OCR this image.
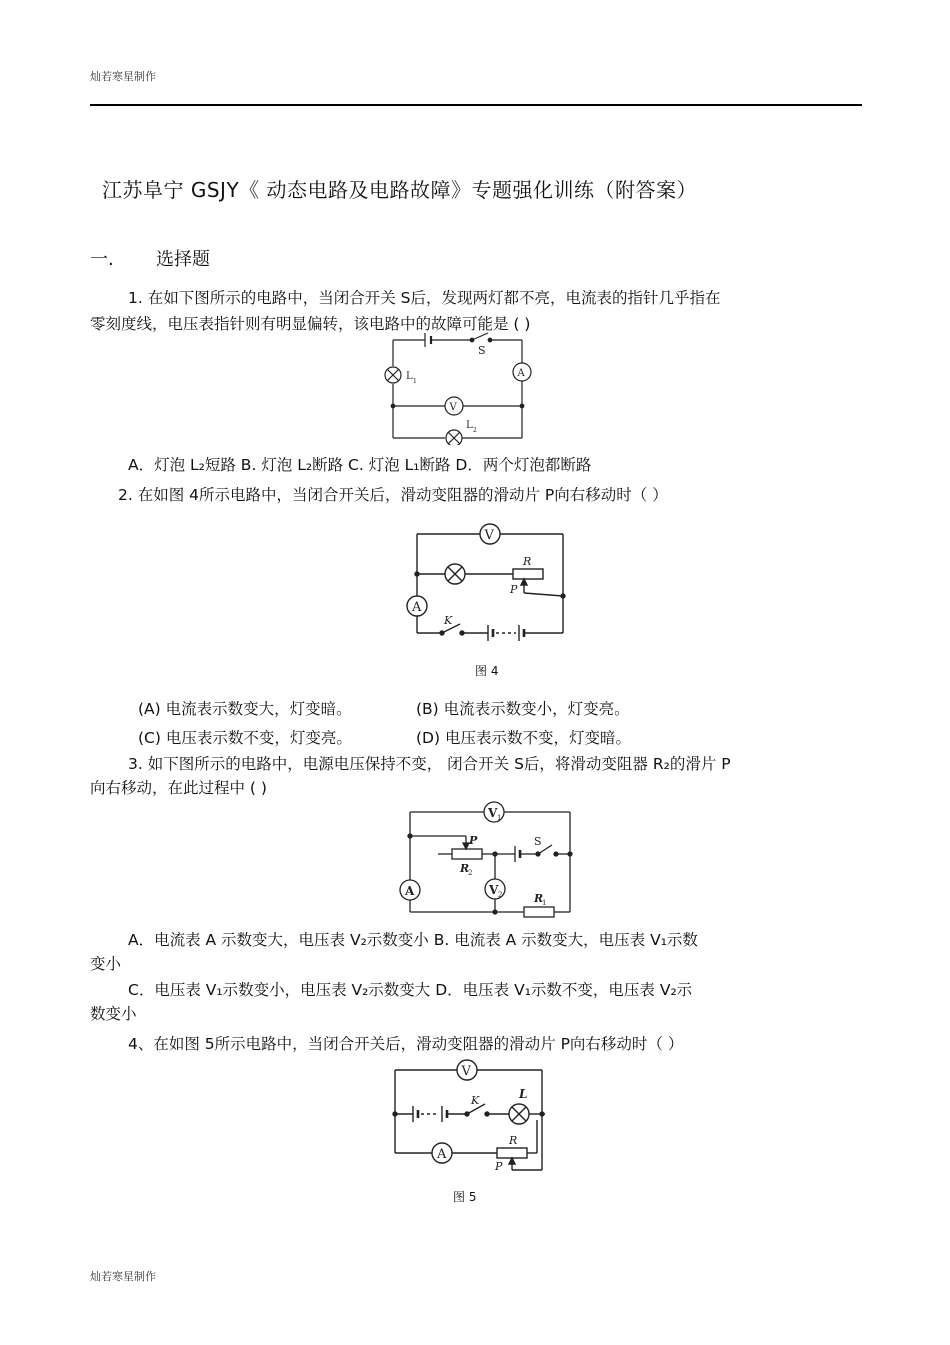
灿若寒星制作
江苏阜宁 GSJY《 动态电路及电路故障》专题强化训练（附答案）
一. 选择题
1. 在如下图所示的电路中，当闭合开关 S后，发现两灯都不亮，电流表的指针几乎指在
零刻度线，电压表指针则有明显偏转，该电路中的故障可能是 ( )
S
L 1
A
V
L 2
A．灯泡 L₂短路 B. 灯泡 L₂断路 C. 灯泡 L₁断路 D．两个灯泡都断路
2. 在如图 4所示电路中，当闭合开关后，滑动变阻器的滑动片 P向右移动时（ ）
V
R
P
A
K
图 4
(A) 电流表示数变大，灯变暗。	(B) 电流表示数变小，灯变亮。
(C) 电压表示数不变，灯变亮。	(D) 电压表示数不变，灯变暗。
3. 如下图所示的电路中，电源电压保持不变， 闭合开关 S后，将滑动变阻器 R₂的滑片 P
向右移动，在此过程中 ( )
V 1
P
R
2
S
V 2
A
R
1
A．电流表 A 示数变大，电压表 V₂示数变小 B. 电流表 A 示数变大，电压表 V₁示数
变小
C．电压表 V₁示数变小，电压表 V₂示数变大 D．电压表 V₁示数不变，电压表 V₂示
数变小
4、在如图 5所示电路中，当闭合开关后，滑动变阻器的滑动片 P向右移动时（ ）
V
K	L
A
R
P
图 5
灿若寒星制作
